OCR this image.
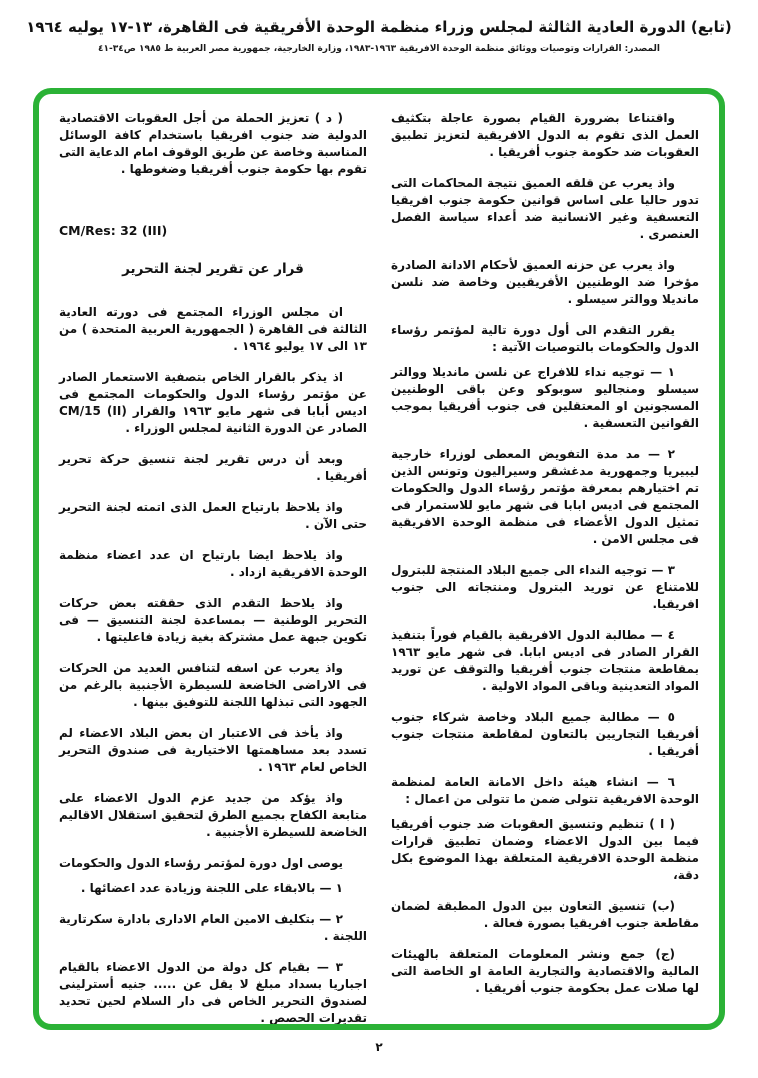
(تابع) الدورة العادية الثالثة لمجلس وزراء منظمة الوحدة الأفريقية فى القاهرة، ١٣-١٧ يوليه ١٩٦٤
المصدر: القرارات وتوصيات ووثائق منظمة الوحدة الافريقية ١٩٦٣-١٩٨٣، وزارة الخارجية، جمهورية مصر العربية ط ١٩٨٥ ص٣٤-٤١

واقتناعا بضرورة القيام بصورة عاجلة بتكثيف العمل الذى تقوم به الدول الافريقية لتعزيز تطبيق العقوبات ضد حكومة جنوب أفريقيا .

واذ يعرب عن قلقه العميق نتيجة المحاكمات التى تدور حاليا على اساس قوانين حكومة جنوب افريقيا التعسفية وغير الانسانية ضد أعداء سياسة الفصل العنصرى .

واذ يعرب عن حزنه العميق لأحكام الادانة الصادرة مؤخرا ضد الوطنيين الأفريقيين وخاصة ضد نلسن مانديلا ووالتر سيسلو .

يقرر التقدم الى أول دورة تالية لمؤتمر رؤساء الدول والحكومات بالتوصيات الآتية :

١ — توجيه نداء للافراج عن نلسن مانديلا ووالتر سيسلو ومنجاليو سوبوكو وعن باقى الوطنيين المسجونين او المعتقلين فى جنوب أفريقيا بموجب القوانين التعسفية .

٢ — مد مدة التفويض المعطى لوزراء خارجية ليبيريا وجمهورية مدغشقر وسيراليون وتونس الذين تم اختيارهم بمعرفة مؤتمر رؤساء الدول والحكومات المجتمع فى اديس ابابا فى شهر مايو للاستمرار فى تمثيل الدول الأعضاء فى منظمة الوحدة الافريقية فى مجلس الامن .

٣ — توجيه النداء الى جميع البلاد المنتجة للبترول للامتناع عن توريد البترول ومنتجاته الى جنوب افريقيا.

٤ — مطالبة الدول الافريقية بالقيام فوراً بتنفيذ القرار الصادر فى اديس ابابا. فى شهر مايو ١٩٦٣ بمقاطعة منتجات جنوب أفريقيا والتوقف عن توريد المواد التعدينية وباقى المواد الاولية .

٥ — مطالبة جميع البلاد وخاصة شركاء جنوب أفريقيا التجاريين بالتعاون لمقاطعة منتجات جنوب أفريقيا .

٦ — انشاء هيئة داخل الامانة العامة لمنظمة الوحدة الافريقية تتولى ضمن ما تتولى من اعمال :

( ا ) تنظيم وتنسيق العقوبات ضد جنوب أفريقيا فيما بين الدول الاعضاء وضمان تطبيق قرارات منظمة الوحدة الافريقية المتعلقة بهذا الموضوع بكل دقة،

(ب) تنسيق التعاون بين الدول المطبقة لضمان مقاطعة جنوب افريقيا بصورة فعالة .

(ج) جمع ونشر المعلومات المتعلقة بالهيئات المالية والاقتصادية والتجارية العامة او الخاصة التى لها صلات عمل بحكومة جنوب أفريقيا .

( د ) تعزيز الحملة من أجل العقوبات الاقتصادية الدولية ضد جنوب افريقيا باستخدام كافة الوسائل المناسبة وخاصة عن طريق الوقوف امام الدعاية التى تقوم بها حكومة جنوب أفريقيا وضغوطها .

CM/Res: 32 (III)

قرار عن تقرير لجنة التحرير

ان مجلس الوزراء المجتمع فى دورته العادية الثالثة فى القاهرة ( الجمهورية العربية المتحدة ) من ١٣ الى ١٧ يوليو ١٩٦٤ .

اذ يذكر بالقرار الخاص بتصفية الاستعمار الصادر عن مؤتمر رؤساء الدول والحكومات المجتمع فى اديس أبابا فى شهر مايو ١٩٦٣ والقرار CM/15 (II) الصادر عن الدورة الثانية لمجلس الوزراء .

وبعد أن درس تقرير لجنة تنسيق حركة تحرير أفريقيا .

واذ يلاحظ بارتياح العمل الذى اتمته لجنة التحرير حتى الآن .

واذ يلاحظ ايضا بارتياح ان عدد اعضاء منظمة الوحدة الافريقية ازداد .

واذ يلاحظ التقدم الذى حققته بعض حركات التحرير الوطنية — بمساعدة لجنة التنسيق — فى تكوين جبهة عمل مشتركة بغية زيادة فاعليتها .

واذ يعرب عن اسفه لتنافس العديد من الحركات فى الاراضى الخاضعة للسيطرة الأجنبية بالرغم من الجهود التى تبذلها اللجنة للتوفيق بينها .

واذ يأخذ فى الاعتبار ان بعض البلاد الاعضاء لم تسدد بعد مساهمتها الاختيارية فى صندوق التحرير الخاص لعام ١٩٦٣ .

واذ يؤكد من جديد عزم الدول الاعضاء على متابعة الكفاح بجميع الطرق لتحقيق استقلال الاقاليم الخاضعة للسيطرة الأجنبية .

يوصى اول دورة لمؤتمر رؤساء الدول والحكومات

١ — بالابقاء على اللجنة وزيادة عدد اعضائها .

٢ — بتكليف الامين العام الادارى بادارة سكرتارية اللجنة .

٣ — بقيام كل دولة من الدول الاعضاء بالقيام اجباريا بسداد مبلغ لا يقل عن ..... جنيه أسترلينى لصندوق التحرير الخاص فى دار السلام لحين تحديد تقديرات الحصص .

٢
